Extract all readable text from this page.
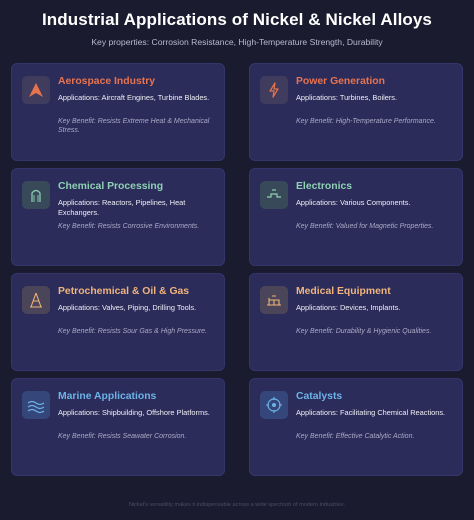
Industrial Applications of Nickel & Nickel Alloys
Key properties: Corrosion Resistance, High-Temperature Strength, Durability
Aerospace Industry
Applications: Aircraft Engines, Turbine Blades.
Key Benefit: Resists Extreme Heat & Mechanical Stress.
Power Generation
Applications: Turbines, Boilers.
Key Benefit: High-Temperature Performance.
Chemical Processing
Applications: Reactors, Pipelines, Heat Exchangers.
Key Benefit: Resists Corrosive Environments.
Electronics
Applications: Various Components.
Key Benefit: Valued for Magnetic Properties.
Petrochemical & Oil & Gas
Applications: Valves, Piping, Drilling Tools.
Key Benefit: Resists Sour Gas & High Pressure.
Medical Equipment
Applications: Devices, Implants.
Key Benefit: Durability & Hygienic Qualities.
Marine Applications
Applications: Shipbuilding, Offshore Platforms.
Key Benefit: Resists Seawater Corrosion.
Catalysts
Applications: Facilitating Chemical Reactions.
Key Benefit: Effective Catalytic Action.
Nickel's versatility makes it indispensable across a wide spectrum of modern industries.
